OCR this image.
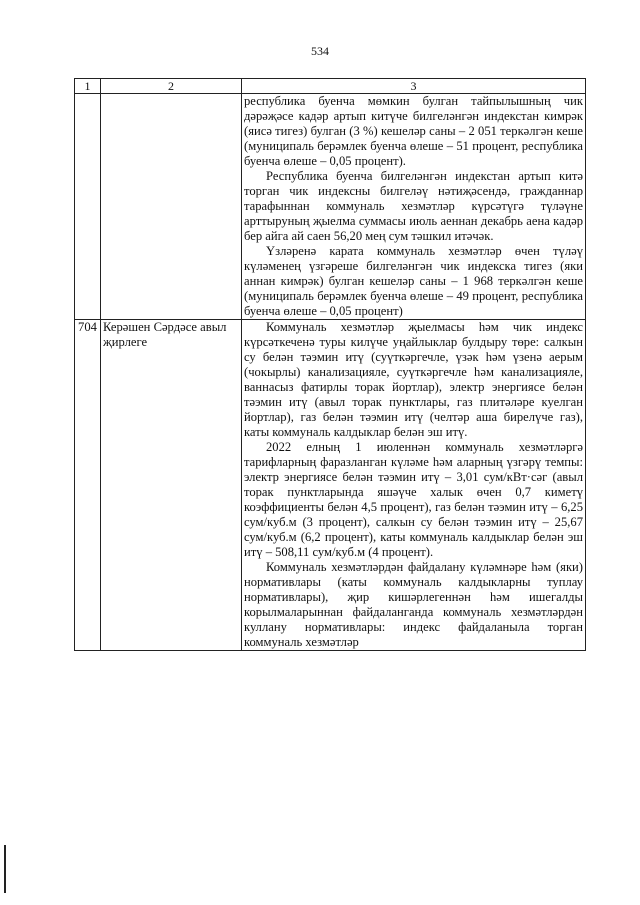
534
1	2	3

		республика буенча мөмкин булган тайпылышның чик дәрәҗәсе кадәр артып китүче билгеләнгән индекстан кимрәк (яисә тигез) булган (3 %) кешеләр саны – 2 051 теркәлгән кеше (муниципаль берәмлек буенча өлеше – 51 процент, республика буенча өлеше – 0,05 процент).

Республика буенча билгеләнгән индекстан артып китә торган чик индексны билгеләү нәтиҗәсендә, гражданнар тарафыннан коммуналь хезмәтләр күрсәтүгә түләүне арттыруның җыелма суммасы июль аеннан декабрь аена кадәр бер айга ай саен 56,20 мең сум тәшкил итәчәк.

Үзләренә карата коммуналь хезмәтләр өчен түләү күләменең үзгәреше билгеләнгән чик индекска тигез (яки аннан кимрәк) булган кешеләр саны – 1 968 теркәлгән кеше (муниципаль берәмлек буенча өлеше – 49 процент, республика буенча өлеше – 0,05 процент)

704	Керәшен Сәрдәсе авыл җирлеге	Коммуналь хезмәтләр җыелмасы һәм чик индекс күрсәткеченә туры килүче уңайлыклар булдыру төре: салкын су белән тәэмин итү (суүткәргечле, үзәк һәм үзенә аерым (чокырлы) канализацияле, суүткәргечле һәм канализацияле, ваннасыз фатирлы торак йортлар), электр энергиясе белән тәэмин итү (авыл торак пунктлары, газ плитәләре куелган йортлар), газ белән тәэмин итү (челтәр аша бирелүче газ), каты коммуналь калдыклар белән эш итү.

2022 елның 1 июленнән коммуналь хезмәтләргә тарифларның фаразланган күләме һәм аларның үзгәрү темпы: электр энергиясе белән тәэмин итү – 3,01 сум/кВт·сәг (авыл торак пунктларында яшәүче халык өчен 0,7 киметү коэффициенты белән 4,5 процент), газ белән тәэмин итү – 6,25 сум/куб.м (3 процент), салкын су белән тәэмин итү – 25,67 сум/куб.м (6,2 процент), каты коммуналь калдыклар белән эш итү – 508,11 сум/куб.м (4 процент).

Коммуналь хезмәтләрдән файдалану күләмнәре һәм (яки) нормативлары (каты коммуналь калдыкларны туплау нормативлары), җир кишәрлегеннән һәм ишегалды корылмаларыннан файдаланганда коммуналь хезмәтләрдән куллану нормативлары: индекс файдаланыла торган коммуналь хезмәтләр
